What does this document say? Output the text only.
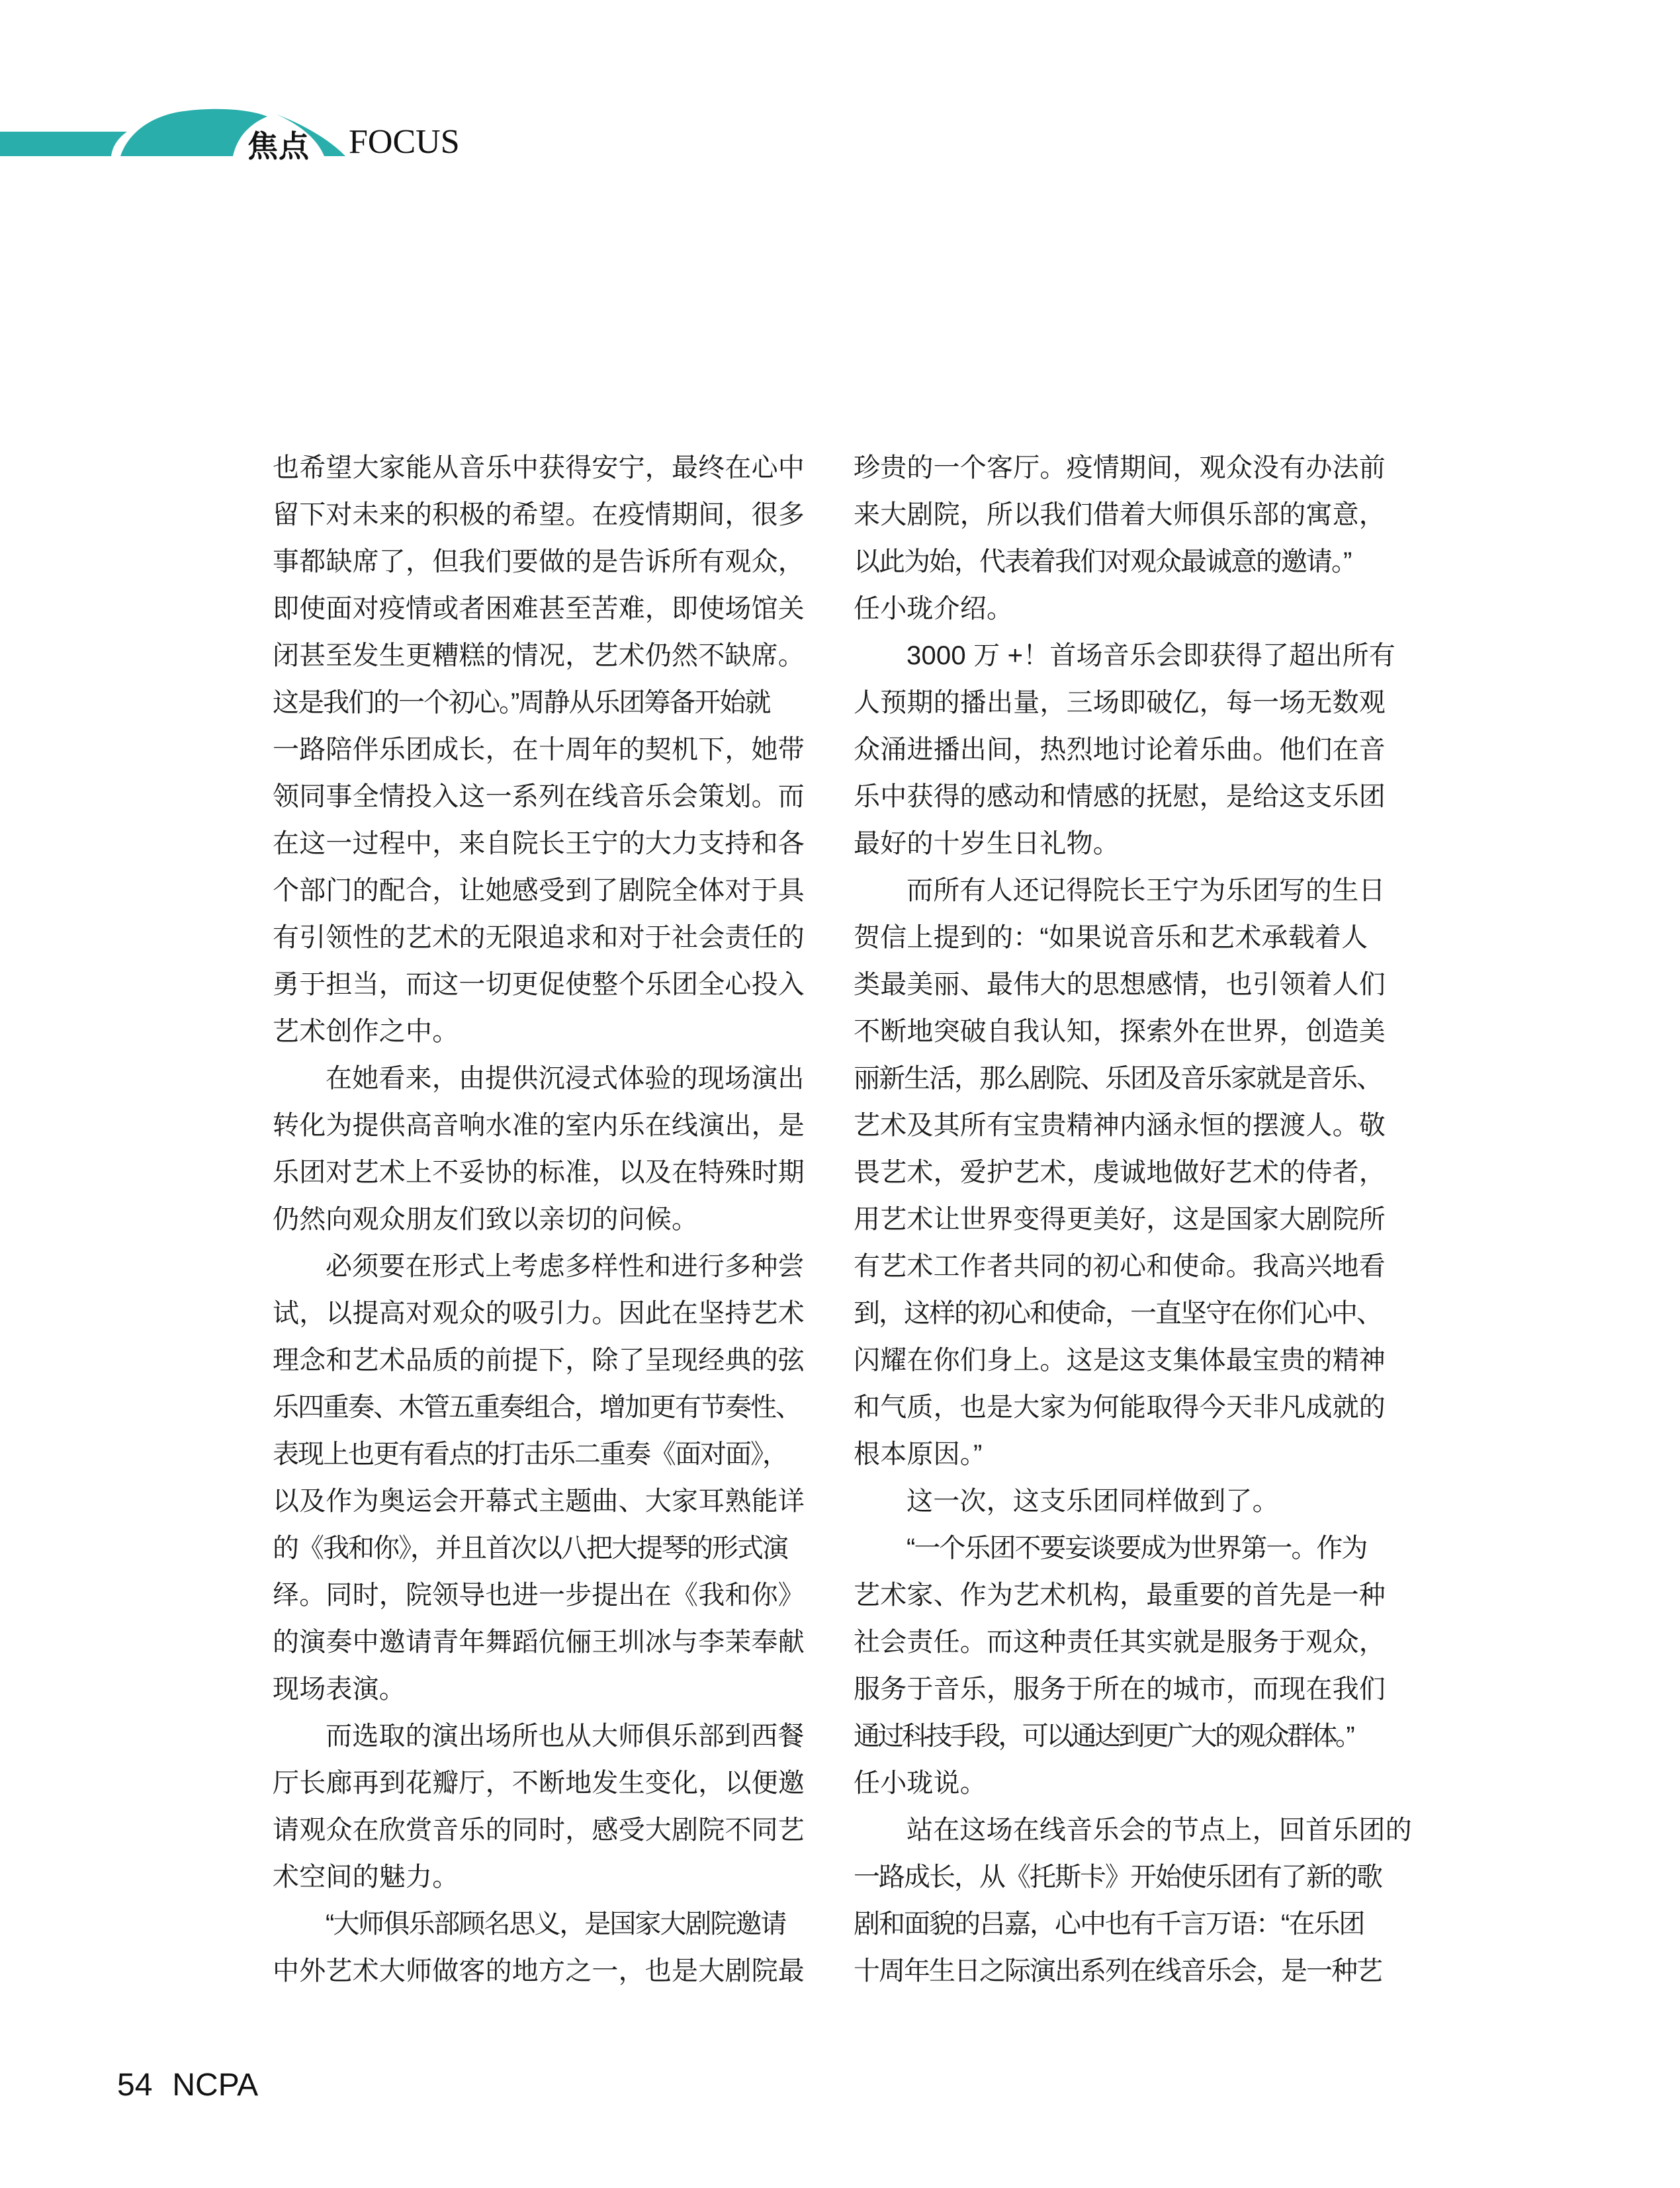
焦点 FOCUS
也希望大家能从音乐中获得安宁，最终在心中
留下对未来的积极的希望。在疫情期间，很多
事都缺席了，但我们要做的是告诉所有观众，
即使面对疫情或者困难甚至苦难，即使场馆关
闭甚至发生更糟糕的情况，艺术仍然不缺席。
这是我们的一个初心。”周静从乐团筹备开始就
一路陪伴乐团成长，在十周年的契机下，她带
领同事全情投入这一系列在线音乐会策划。而
在这一过程中，来自院长王宁的大力支持和各
个部门的配合，让她感受到了剧院全体对于具
有引领性的艺术的无限追求和对于社会责任的
勇于担当，而这一切更促使整个乐团全心投入
艺术创作之中。
在她看来，由提供沉浸式体验的现场演出
转化为提供高音响水准的室内乐在线演出，是
乐团对艺术上不妥协的标准，以及在特殊时期
仍然向观众朋友们致以亲切的问候。
必须要在形式上考虑多样性和进行多种尝
试，以提高对观众的吸引力。因此在坚持艺术
理念和艺术品质的前提下，除了呈现经典的弦
乐四重奏、木管五重奏组合，增加更有节奏性、
表现上也更有看点的打击乐二重奏《面对面》，
以及作为奥运会开幕式主题曲、大家耳熟能详
的《我和你》，并且首次以八把大提琴的形式演
绎。同时，院领导也进一步提出在《我和你》
的演奏中邀请青年舞蹈伉俪王圳冰与李茉奉献
现场表演。
而选取的演出场所也从大师俱乐部到西餐
厅长廊再到花瓣厅，不断地发生变化，以便邀
请观众在欣赏音乐的同时，感受大剧院不同艺
术空间的魅力。
“大师俱乐部顾名思义，是国家大剧院邀请
中外艺术大师做客的地方之一，也是大剧院最
珍贵的一个客厅。疫情期间，观众没有办法前
来大剧院，所以我们借着大师俱乐部的寓意，
以此为始，代表着我们对观众最诚意的邀请。”
任小珑介绍。
3000 万 +！首场音乐会即获得了超出所有
人预期的播出量，三场即破亿，每一场无数观
众涌进播出间，热烈地讨论着乐曲。他们在音
乐中获得的感动和情感的抚慰，是给这支乐团
最好的十岁生日礼物。
而所有人还记得院长王宁为乐团写的生日
贺信上提到的：“如果说音乐和艺术承载着人
类最美丽、最伟大的思想感情，也引领着人们
不断地突破自我认知，探索外在世界，创造美
丽新生活，那么剧院、乐团及音乐家就是音乐、
艺术及其所有宝贵精神内涵永恒的摆渡人。敬
畏艺术，爱护艺术，虔诚地做好艺术的侍者，
用艺术让世界变得更美好，这是国家大剧院所
有艺术工作者共同的初心和使命。我高兴地看
到，这样的初心和使命，一直坚守在你们心中、
闪耀在你们身上。这是这支集体最宝贵的精神
和气质，也是大家为何能取得今天非凡成就的
根本原因。”
这一次，这支乐团同样做到了。
“一个乐团不要妄谈要成为世界第一。作为
艺术家、作为艺术机构，最重要的首先是一种
社会责任。而这种责任其实就是服务于观众，
服务于音乐，服务于所在的城市，而现在我们
通过科技手段，可以通达到更广大的观众群体。”
任小珑说。
站在这场在线音乐会的节点上，回首乐团的
一路成长，从《托斯卡》开始使乐团有了新的歌
剧和面貌的吕嘉，心中也有千言万语：“在乐团
十周年生日之际演出系列在线音乐会，是一种艺
54 NCPA
